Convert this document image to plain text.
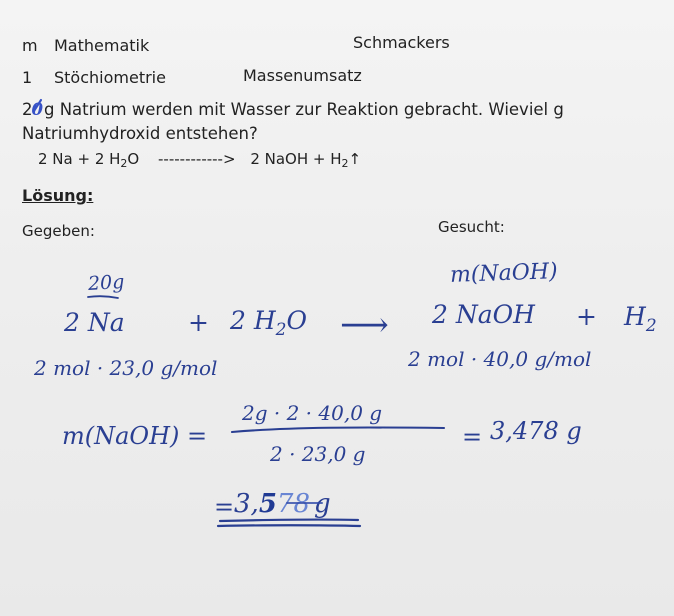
m Mathematik	Schmackers
1 Stöchiometrie	Massenumsatz
20g Natrium werden mit Wasser zur Reaktion gebracht. Wieviel g
Natriumhydroxid entstehen?
2 Na + 2 $H_2O$ ------------> 2 NaOH + $H_2↑$
Lösung:
Gegeben:	Gesucht:
20g	m(NaOH)
2 Na	+ 2 $H_2O$ ⟶ 2 NaOH + $H_2$
2 mol · 23,0 g/mol	2 mol · 40,0 g/mol
m(NaOH) =
2g · 2 · 40,0 g
2 · 23,0 g
= 3,478 g
= 3,578 g
